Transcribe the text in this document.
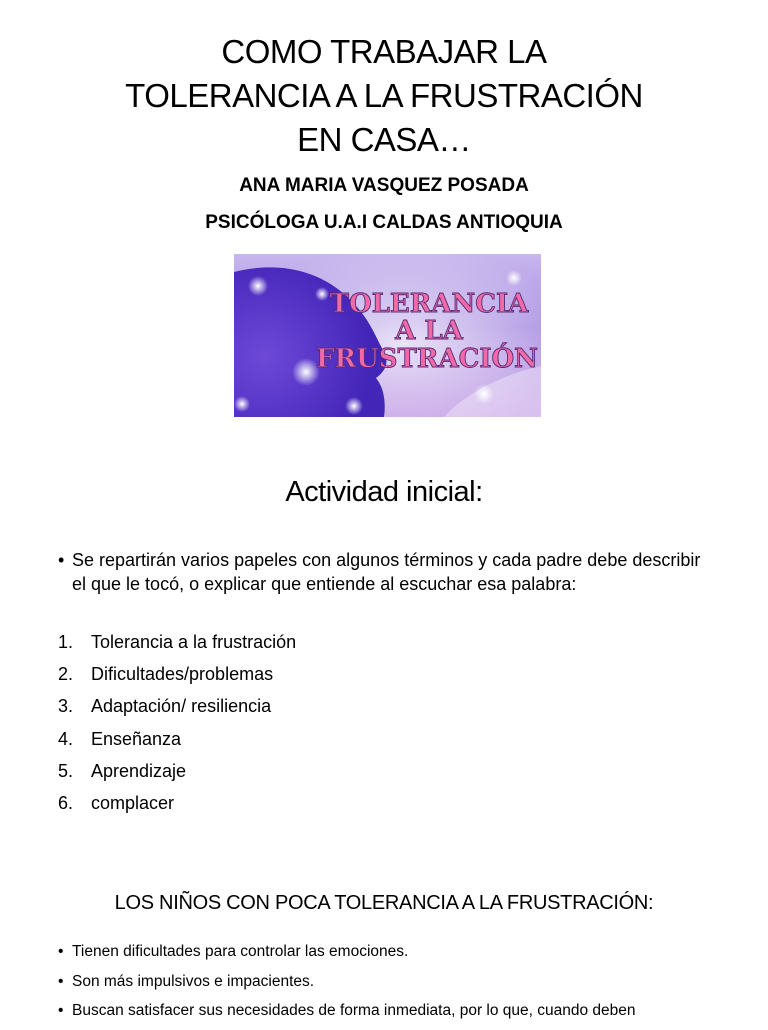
COMO TRABAJAR LA
TOLERANCIA A LA FRUSTRACIÓN
EN CASA…
ANA MARIA VASQUEZ POSADA
PSICÓLOGA U.A.I CALDAS ANTIOQUIA
TOLERANCIA
A LA
FRUSTRACIÓN
Actividad inicial:
• Se repartirán varios papeles con algunos términos y cada padre debe describir el que le tocó, o explicar que entiende al escuchar esa palabra:
1. Tolerancia a la frustración
2. Dificultades/problemas
3. Adaptación/ resiliencia
4. Enseñanza
5. Aprendizaje
6. complacer
LOS NIÑOS CON POCA TOLERANCIA A LA FRUSTRACIÓN:
• Tienen dificultades para controlar las emociones.
• Son más impulsivos e impacientes.
• Buscan satisfacer sus necesidades de forma inmediata, por lo que, cuando deben
